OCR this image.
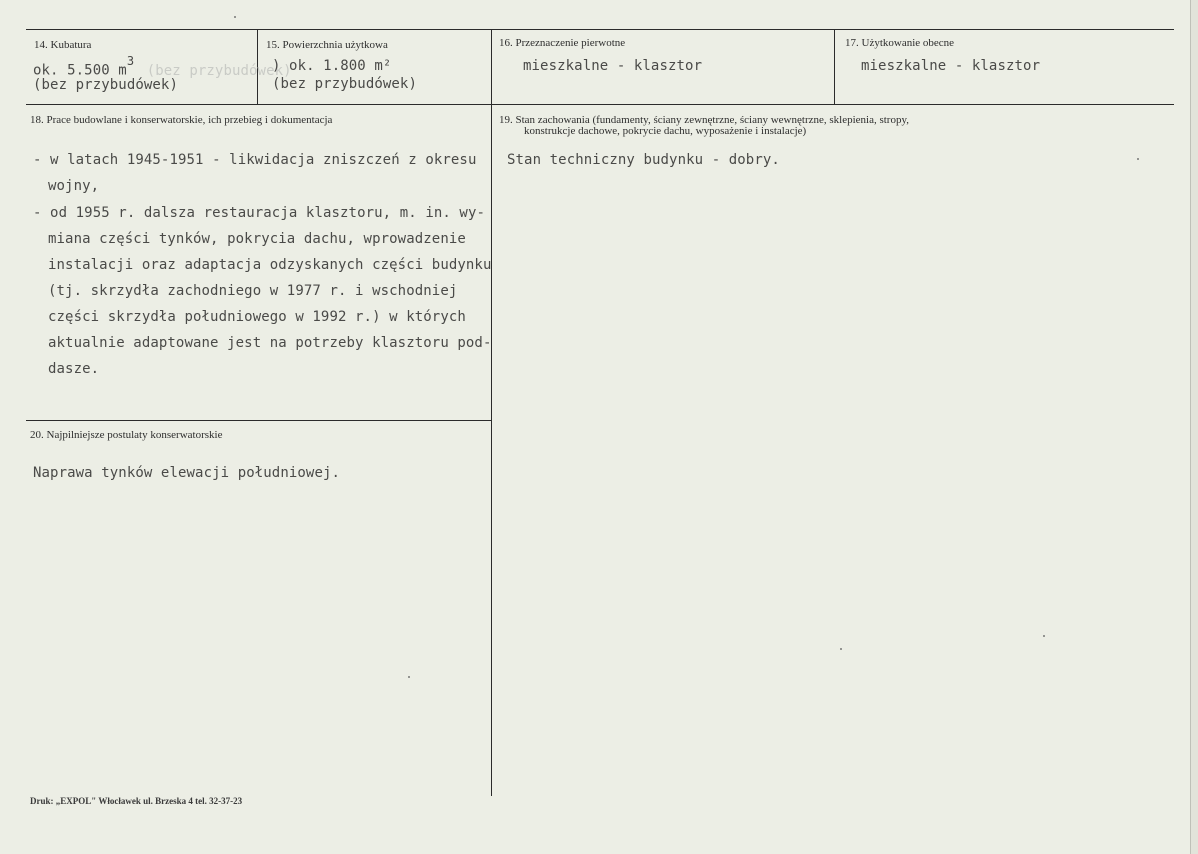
14. Kubatura
ok. 5.500 $m^3$ (bez przybudówek)
(bez przybudówek)
15. Powierzchnia użytkowa
) ok. 1.800 m²
(bez przybudówek)
16. Przeznaczenie pierwotne
mieszkalne - klasztor
17. Użytkowanie obecne
mieszkalne - klasztor
18. Prace budowlane i konserwatorskie, ich przebieg i dokumentacja
- w latach 1945-1951 - likwidacja zniszczeń z okresu
wojny,
- od 1955 r. dalsza restauracja klasztoru, m. in. wy-
miana części tynków, pokrycia dachu, wprowadzenie
instalacji oraz adaptacja odzyskanych części budynku
(tj. skrzydła zachodniego w 1977 r. i wschodniej
części skrzydła południowego w 1992 r.) w których
aktualnie adaptowane jest na potrzeby klasztoru pod-
dasze.
19. Stan zachowania (fundamenty, ściany zewnętrzne, ściany wewnętrzne, sklepienia, stropy,
konstrukcje dachowe, pokrycie dachu, wyposażenie i instalacje)
Stan techniczny budynku - dobry.
20. Najpilniejsze postulaty konserwatorskie
Naprawa tynków elewacji południowej.
Druk: „EXPOL" Włocławek ul. Brzeska 4 tel. 32-37-23
